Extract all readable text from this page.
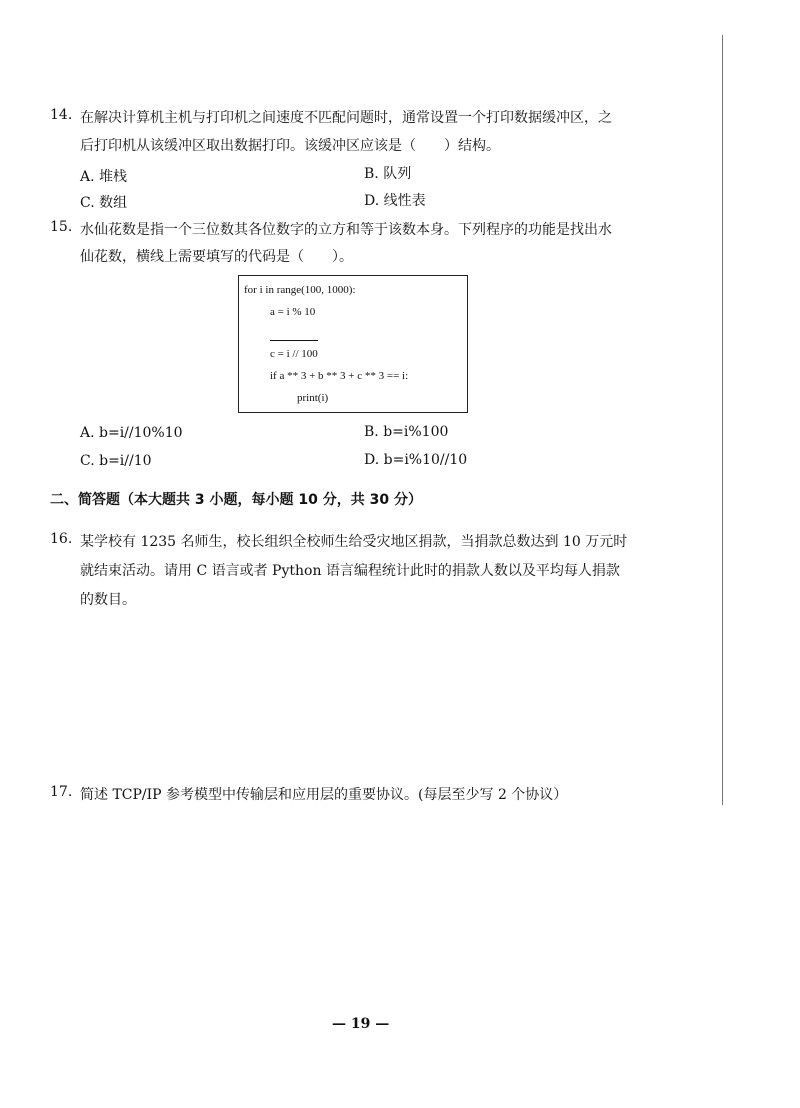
14. 在解决计算机主机与打印机之间速度不匹配问题时，通常设置一个打印数据缓冲区，之
后打印机从该缓冲区取出数据打印。该缓冲区应该是（　　）结构。
A. 堆栈	B. 队列
C. 数组	D. 线性表
15. 水仙花数是指一个三位数其各位数字的立方和等于该数本身。下列程序的功能是找出水
仙花数，横线上需要填写的代码是（　　）。
for i in range(100, 1000):
a = i % 10
c = i // 100
if a ** 3 + b ** 3 + c ** 3 == i:
print(i)
A. b=i//10%10	B. b=i%100
C. b=i//10	D. b=i%10//10
二、简答题（本大题共 3 小题，每小题 10 分，共 30 分）
16. 某学校有 1235 名师生，校长组织全校师生给受灾地区捐款，当捐款总数达到 10 万元时
就结束活动。请用 C 语言或者 Python 语言编程统计此时的捐款人数以及平均每人捐款
的数目。
17. 简述 TCP/IP 参考模型中传输层和应用层的重要协议。(每层至少写 2 个协议）
— 19 —
